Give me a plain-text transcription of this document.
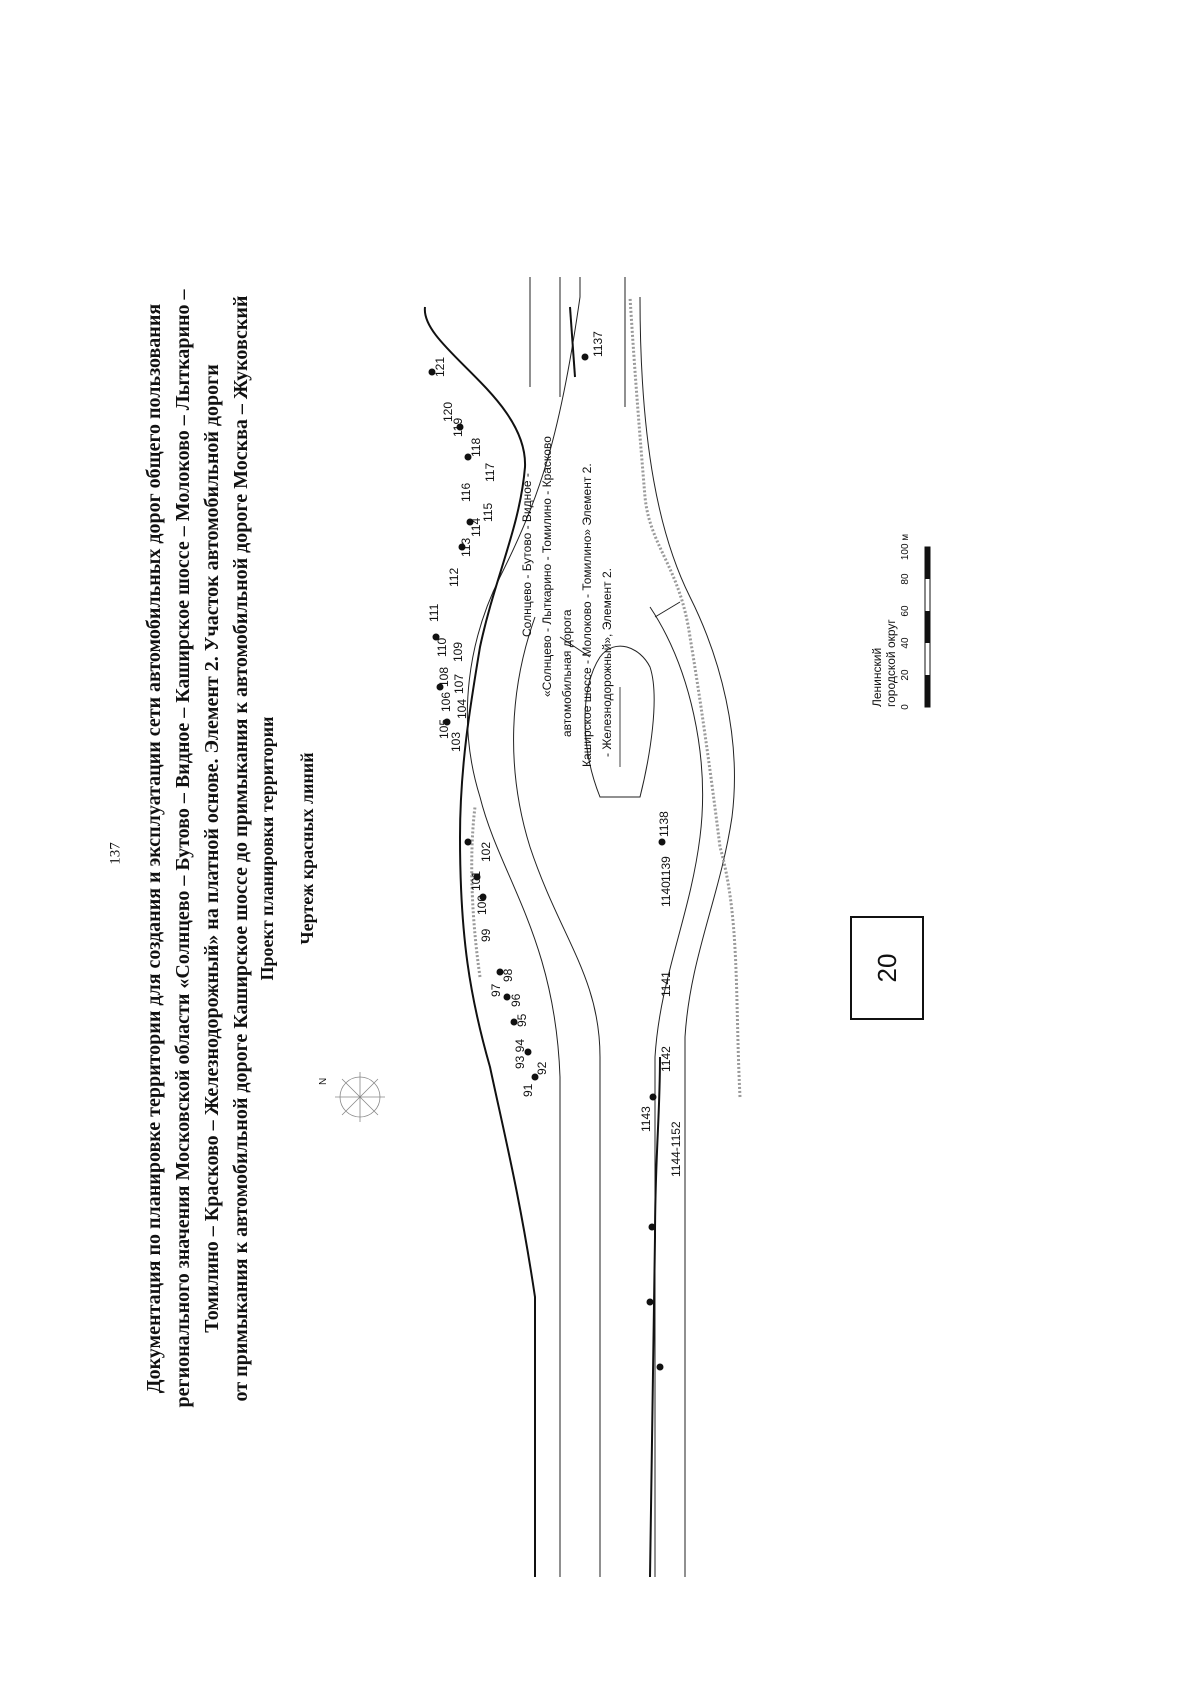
137 Документация по планировке территории для создания и эксплуатации сети автомобильных дорог общего пользования регионального значения Московской области «Солнцево – Бутово – Видное – Каширское шоссе – Молоково – Лыткарино – Томилино – Красково – Железнодорожный» на платной основе. Элемент 2. Участок автомобильной дороги от примыкания к автомобильной дороге Каширское шоссе до примыкания к автомобильной дороге Москва – Жуковский Проект планировки территории Чертеж красных линий
91
92
93 94
95
96
97
98
99
100
101
102
103
104
105
106
107
108
109
110
111
112
113
114
115
116
117
118
119
120
121
1137
1138
1139
1140
1141
1142
1143
1144-1152
0
20
40
60
80
100 м
N
20
Ленинский городской округ
Солнцево - Бутово - Видное - «Солнцево - Лыткарино - Томилино - Красково автомобильная дорога Каширское шоссе - Молоково - Томилино» Элемент 2. - Железнодорожный», Элемент 2.
